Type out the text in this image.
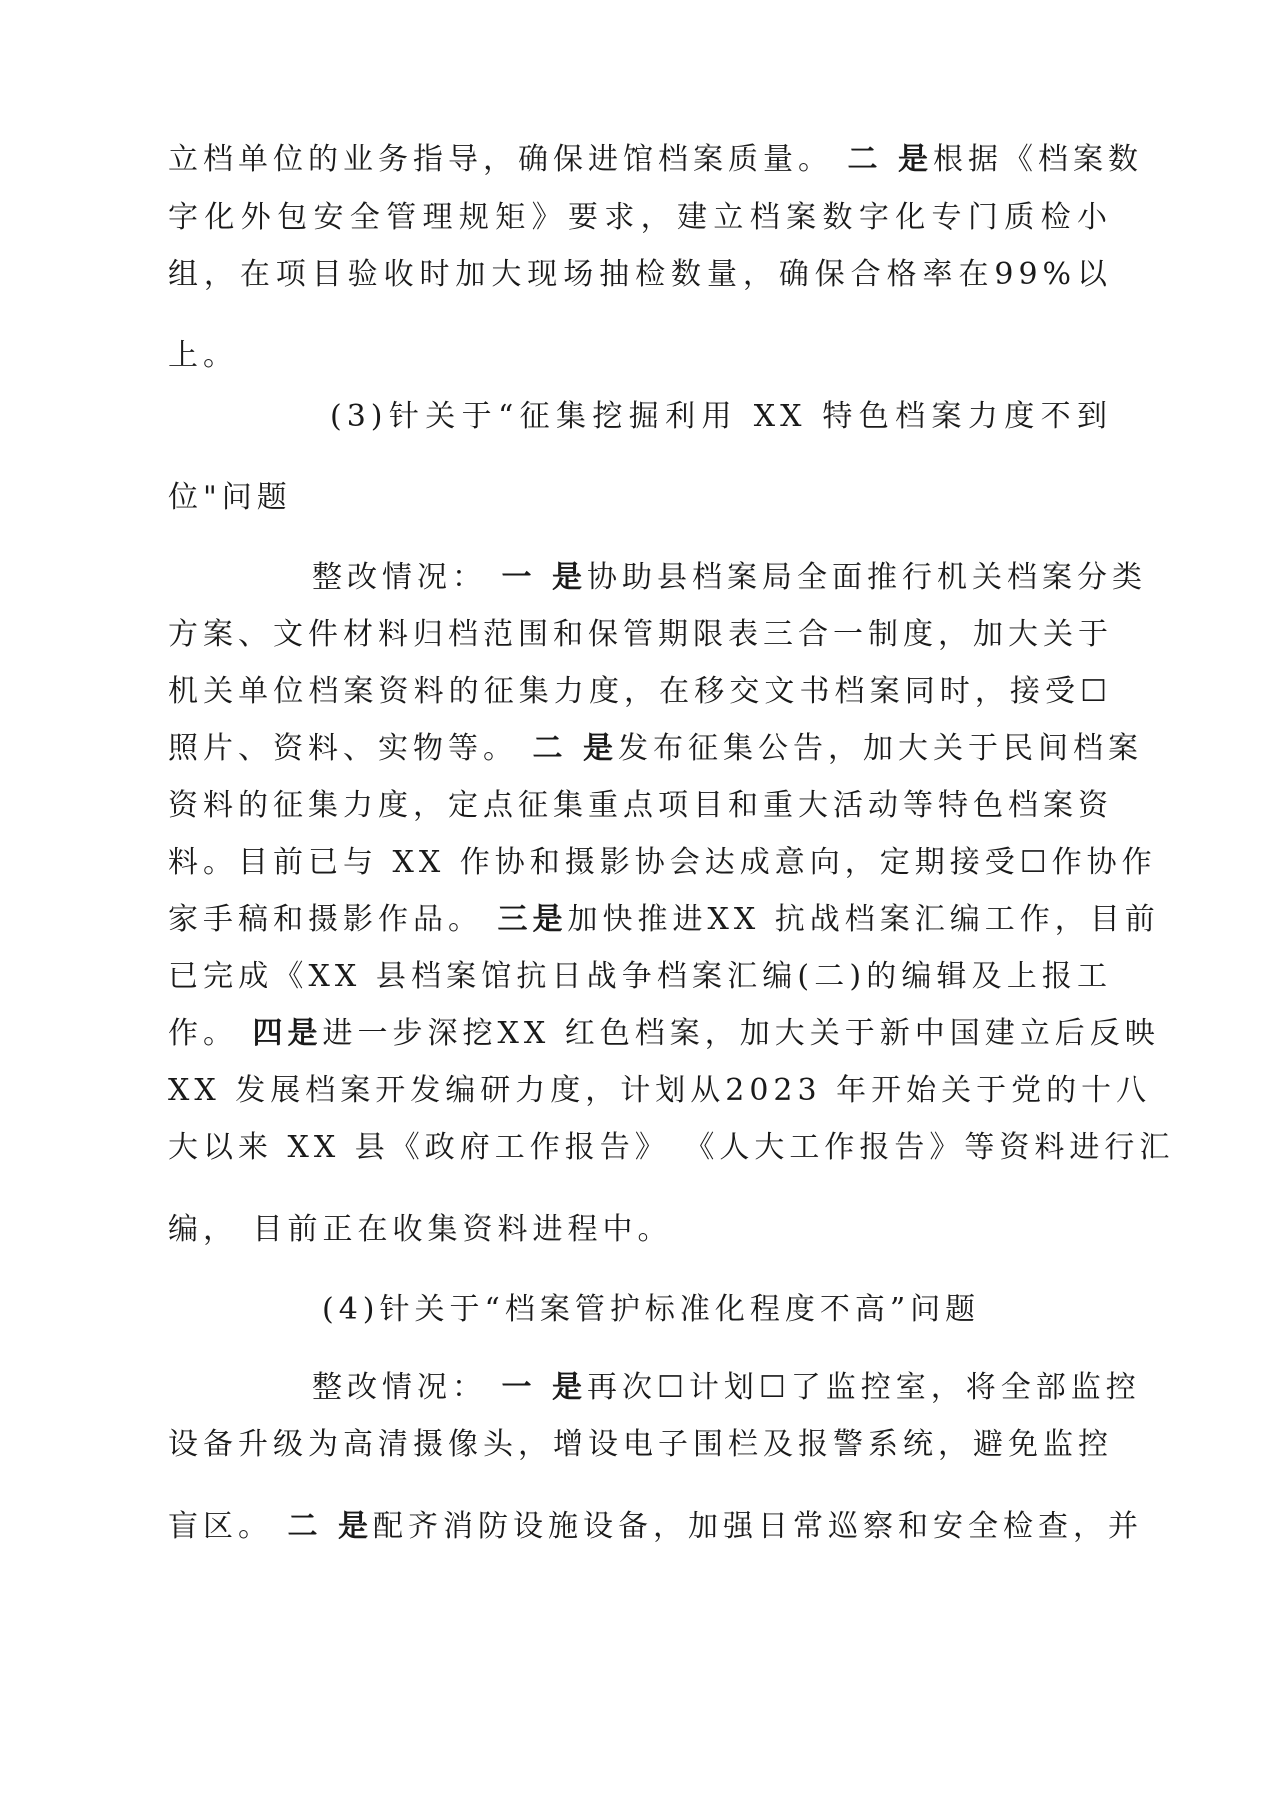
立档单位的业务指导，确保进馆档案质量。 二 是根据《档案数
字化外包安全管理规矩》要求，建立档案数字化专门质检小
组，在项目验收时加大现场抽检数量，确保合格率在99%以
上。
(3)针关于“征集挖掘利用 XX 特色档案力度不到
位"问题
整改情况： 一 是协助县档案局全面推行机关档案分类
方案、文件材料归档范围和保管期限表三合一制度，加大关于
机关单位档案资料的征集力度，在移交文书档案同时，接受☐
照片、资料、实物等。 二 是发布征集公告，加大关于民间档案
资料的征集力度，定点征集重点项目和重大活动等特色档案资
料。目前已与 XX 作协和摄影协会达成意向，定期接受☐作协作
家手稿和摄影作品。 三是加快推进XX 抗战档案汇编工作，目前
已完成《XX 县档案馆抗日战争档案汇编(二)的编辑及上报工
作。 四是进一步深挖XX 红色档案，加大关于新中国建立后反映
XX 发展档案开发编研力度，计划从2023 年开始关于党的十八
大以来 XX 县《政府工作报告》 《人大工作报告》等资料进行汇
编， 目前正在收集资料进程中。
(4)针关于“档案管护标准化程度不高”问题
整改情况： 一 是再次☐计划☐了监控室，将全部监控
设备升级为高清摄像头，增设电子围栏及报警系统，避免监控
盲区。 二 是配齐消防设施设备，加强日常巡察和安全检查，并
